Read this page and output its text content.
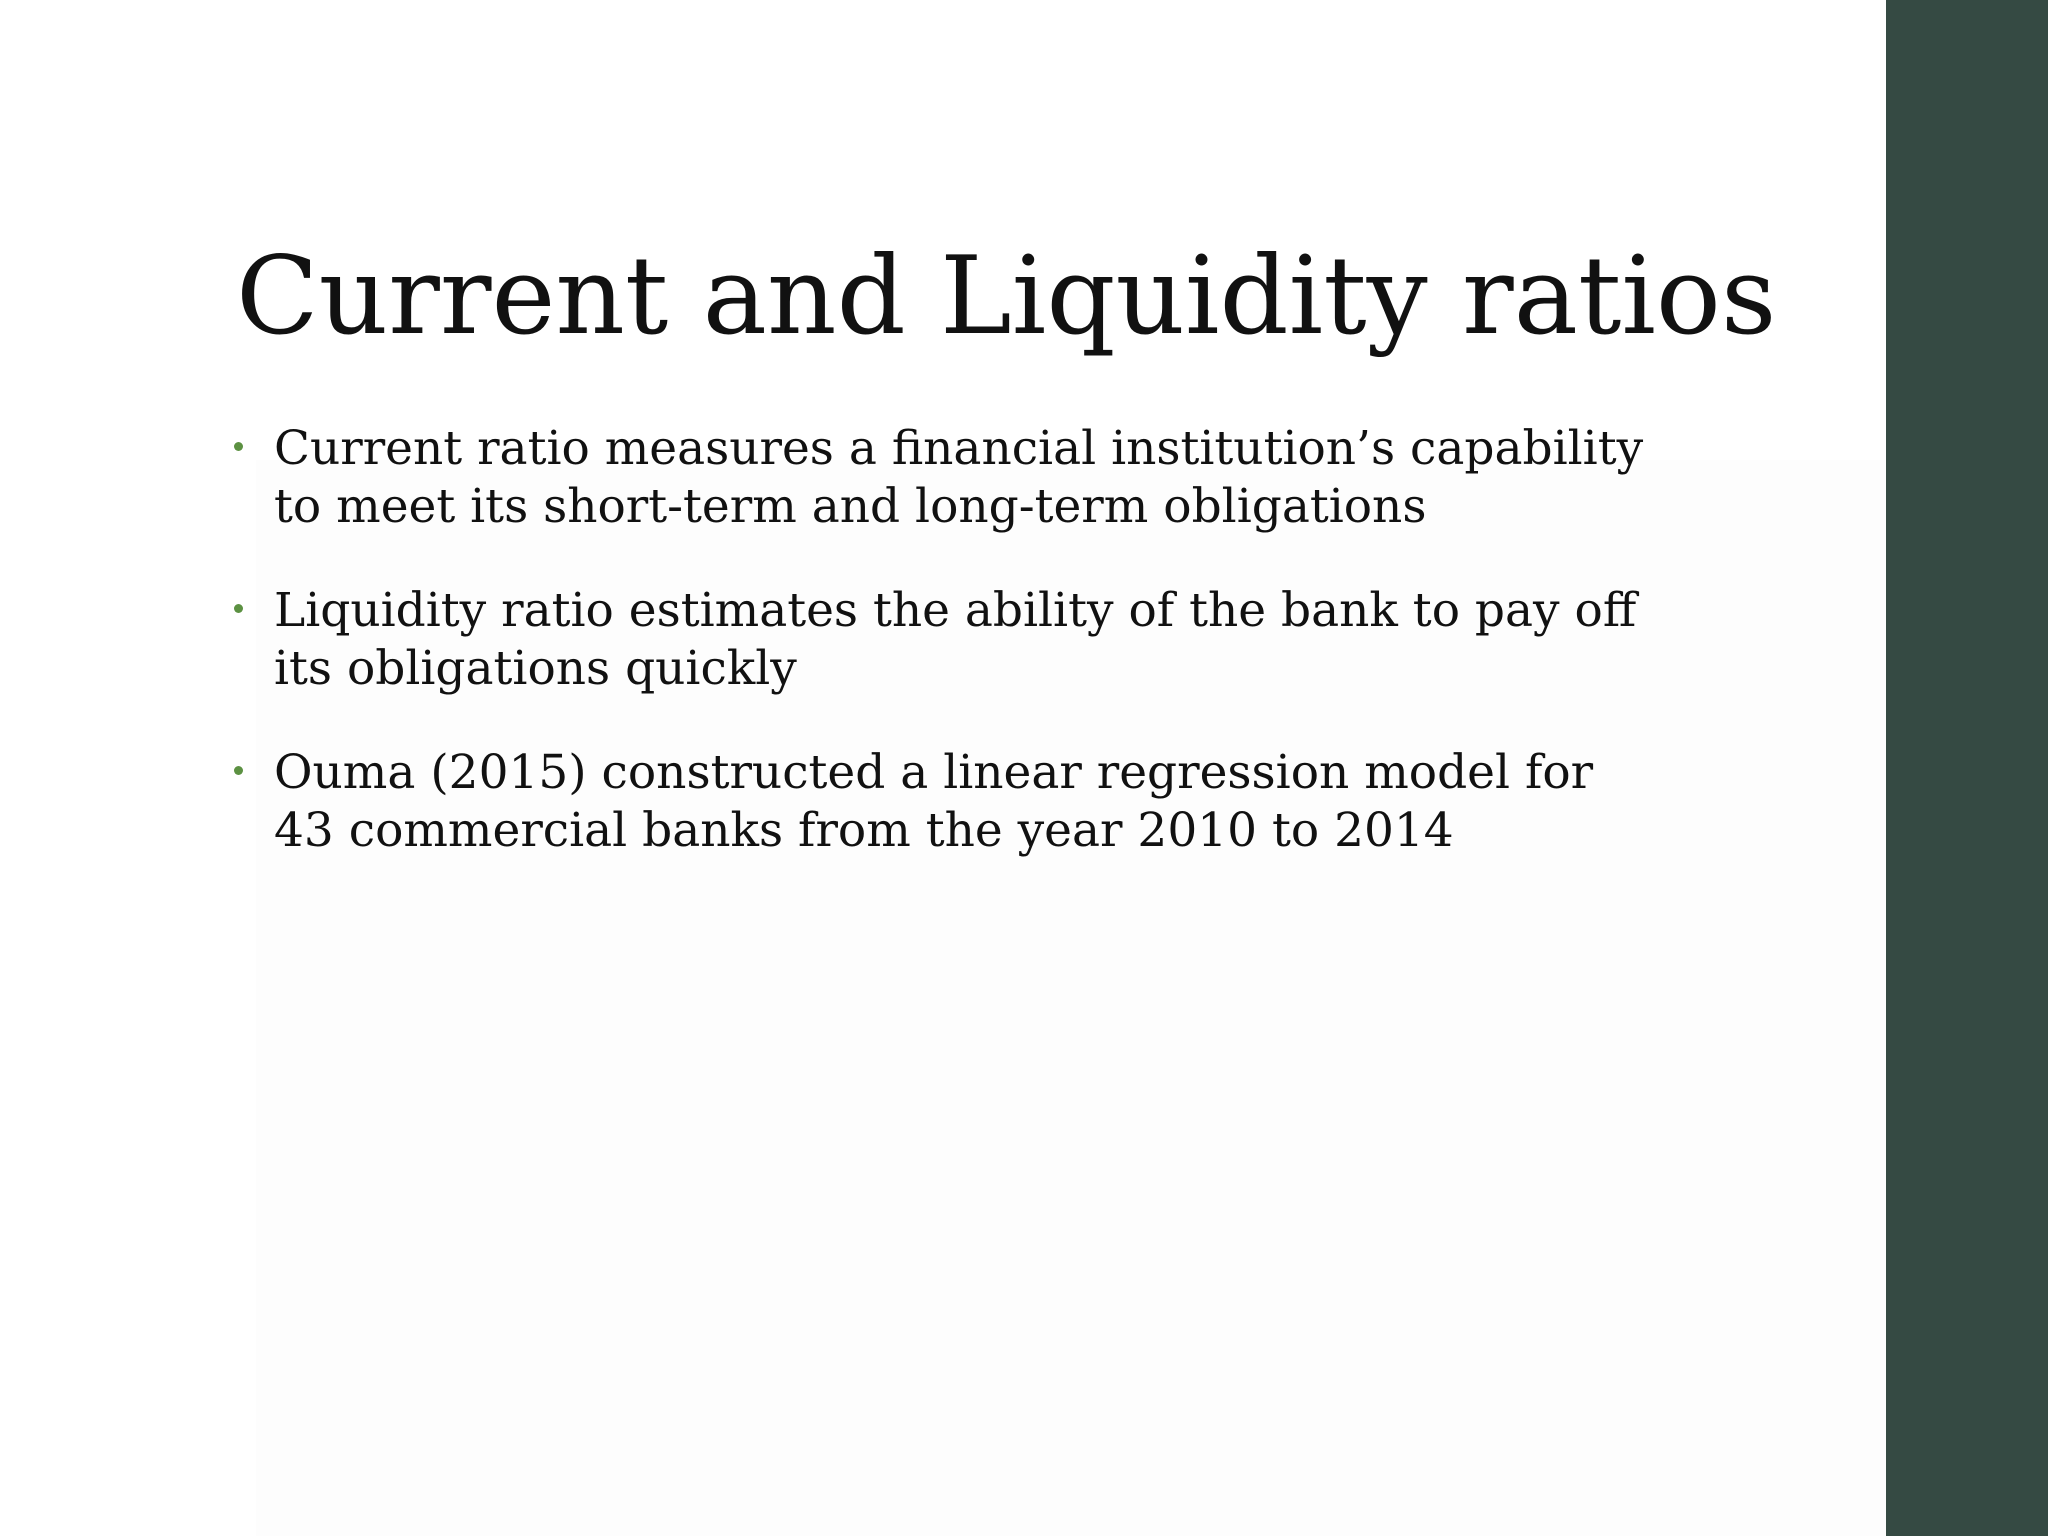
Current and Liquidity ratios
Current ratio measures a financial institution’s capability to meet its short-term and long-term obligations
Liquidity ratio estimates the ability of the bank to pay off its obligations quickly
Ouma (2015) constructed a linear regression model for 43 commercial banks from the year 2010 to 2014
